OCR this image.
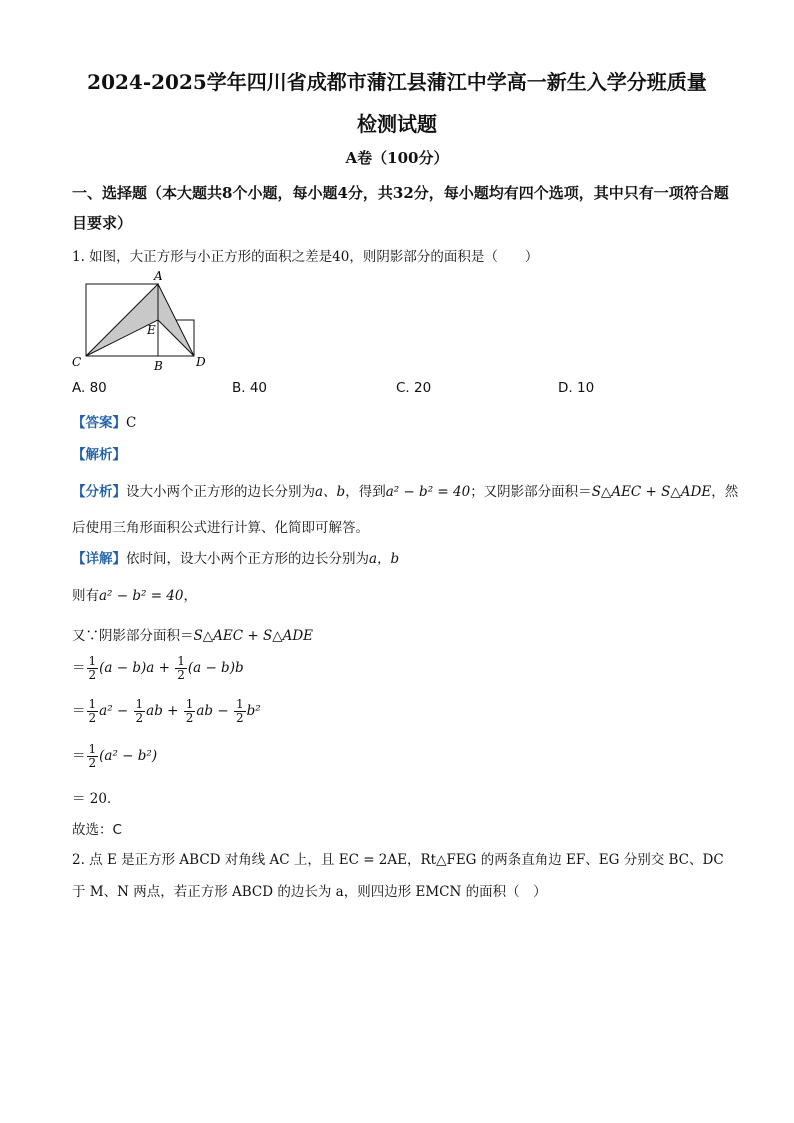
2024-2025学年四川省成都市蒲江县蒲江中学高一新生入学分班质量
检测试题
A卷（100分）
一、选择题（本大题共8个小题，每小题4分，共32分，每小题均有四个选项，其中只有一项符合题目要求）
1. 如图，大正方形与小正方形的面积之差是40，则阴影部分的面积是（　　）
A
E
C	B	D
A. 80	B. 40	C. 20	D. 10
【答案】C
【解析】
【分析】设大小两个正方形的边长分别为a、b，得到a² − b² = 40；又阴影部分面积＝S△AEC + S△ADE，然
后使用三角形面积公式进行计算、化简即可解答。
【详解】依时间，设大小两个正方形的边长分别为a，b
则有a² − b² = 40，
又∵阴影部分面积＝S△AEC + S△ADE
＝ $\frac{1}{2} (a - b)a + \frac{1}{2} (a - b)b$
＝ $\frac{1}{2} a^2 - \frac{1}{2}$ ab + $\frac{1}{2}$ ab − $\frac{1}{2} b^2$
＝ $\frac{1}{2} (a^2 - b^2)$
＝ 20．
故选：C
2. 点 E 是正方形 ABCD 对角线 AC 上，且 EC = 2AE，Rt△FEG 的两条直角边 EF、EG 分别交 BC、DC
于 M、N 两点，若正方形 ABCD 的边长为 a，则四边形 EMCN 的面积（　）
